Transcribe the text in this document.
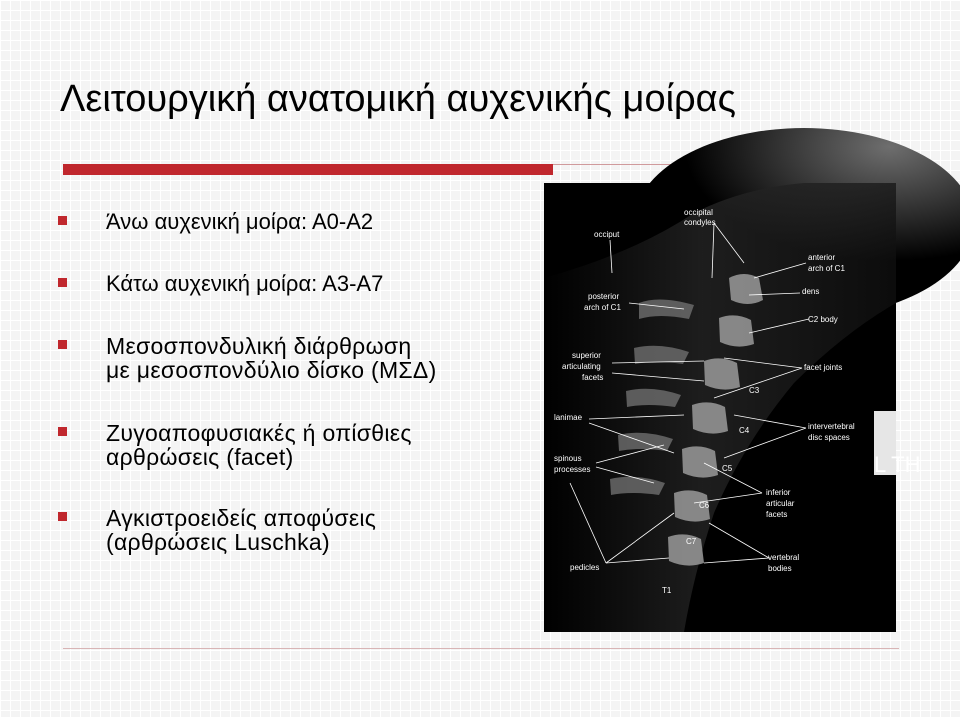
Λειτουργική ανατομική αυχενικής μοίρας
Άνω αυχενική μοίρα: Α0-Α2
Κάτω αυχενική μοίρα: Α3-Α7
Μεσοσπονδυλική διάρθρωση
με μεσοσπονδύλιο δίσκο (ΜΣΔ)
Ζυγοαποφυσιακές ή οπίσθιες
αρθρώσεις (facet)
Αγκιστροειδείς αποφύσεις
(αρθρώσεις Luschka)
occiput
occipital
condyles
anterior
arch of C1
dens
posterior
arch of C1
C2 body
superior
articulating
facets
facet joints
C3
lanimae
C4	intervertebral
disc spaces
spinous
processes	C5
inferior
articular
facets
C6
C7
vertebral
bodies
pedicles
T1
L TH
